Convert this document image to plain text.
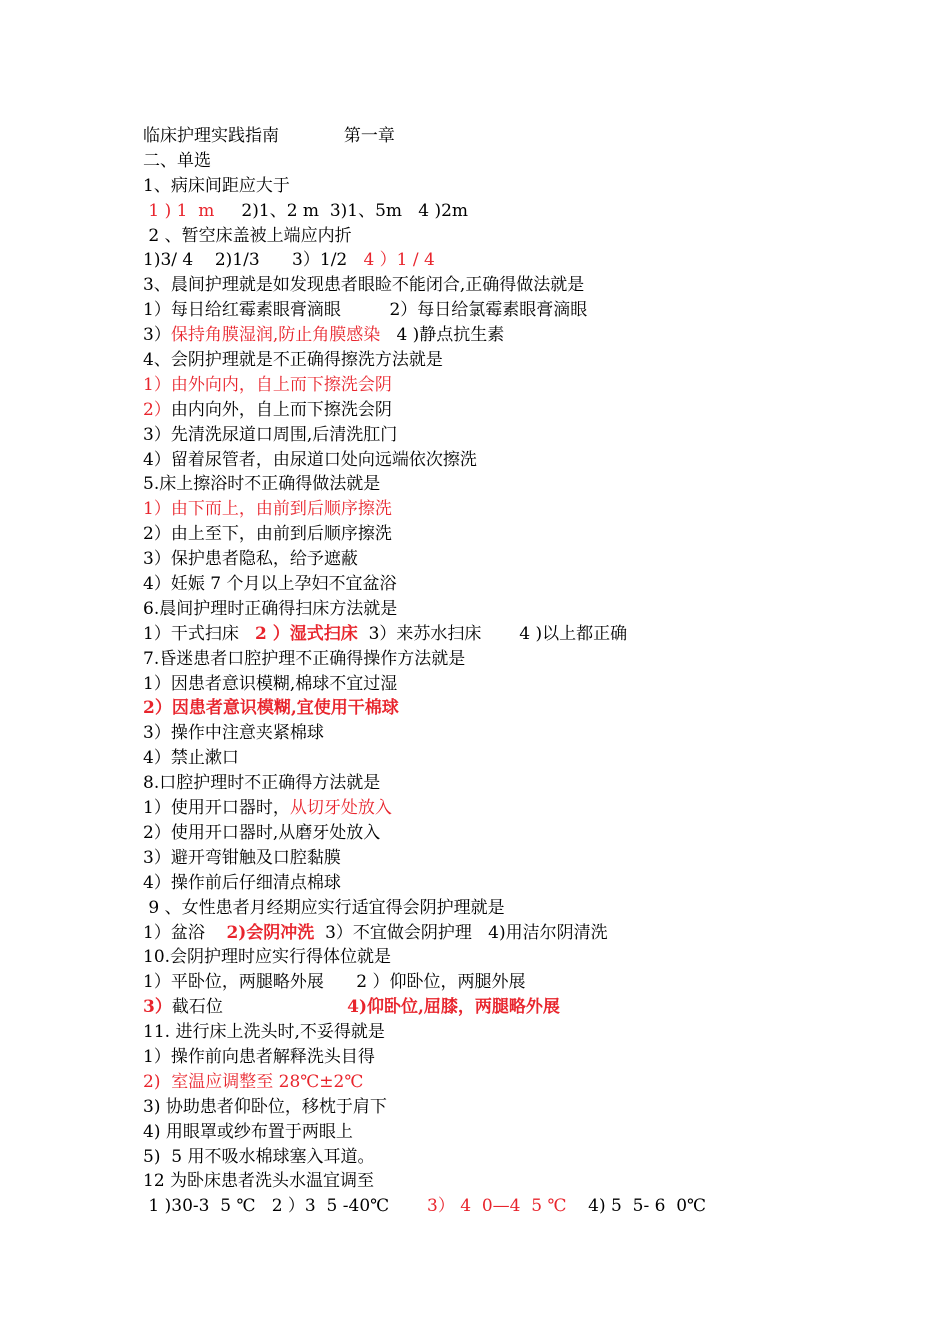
临床护理实践指南            第一章
二、单选
1、病床间距应大于
1 ) 1  m     2)1、2 m  3)1、5m   4 )2m
2 、暂空床盖被上端应内折
1)3/ 4    2)1/3      3）1/2   4 ）1 / 4
3、晨间护理就是如发现患者眼睑不能闭合,正确得做法就是
1）每日给红霉素眼膏滴眼         2）每日给氯霉素眼膏滴眼
3）保持角膜湿润,防止角膜感染   4 )静点抗生素
4、会阴护理就是不正确得擦洗方法就是
1）由外向内，自上而下擦洗会阴
2）由内向外，自上而下擦洗会阴
3）先清洗尿道口周围,后清洗肛门
4）留着尿管者，由尿道口处向远端依次擦洗
5.床上擦浴时不正确得做法就是
1）由下而上，由前到后顺序擦洗
2）由上至下，由前到后顺序擦洗
3）保护患者隐私，给予遮蔽
4）妊娠 7 个月以上孕妇不宜盆浴
6.晨间护理时正确得扫床方法就是
1）干式扫床   2 ）湿式扫床  3）来苏水扫床       4 )以上都正确
7.昏迷患者口腔护理不正确得操作方法就是
1）因患者意识模糊,棉球不宜过湿
2）因患者意识模糊,宜使用干棉球
3）操作中注意夹紧棉球
4）禁止漱口
8.口腔护理时不正确得方法就是
1）使用开口器时，从切牙处放入
2）使用开口器时,从磨牙处放入
3）避开弯钳触及口腔黏膜
4）操作前后仔细清点棉球
9 、女性患者月经期应实行适宜得会阴护理就是
1）盆浴    2)会阴冲洗  3）不宜做会阴护理   4)用洁尔阴清洗
10.会阴护理时应实行得体位就是
1）平卧位，两腿略外展      2 ）仰卧位，两腿外展
3）截石位                       4)仰卧位,屈膝，两腿略外展
11. 进行床上洗头时,不妥得就是
1）操作前向患者解释洗头目得
2)  室温应调整至 28℃±2℃
3) 协助患者仰卧位，移枕于肩下
4) 用眼罩或纱布置于两眼上
5)  5 用不吸水棉球塞入耳道。
12 为卧床患者洗头水温宜调至
1 )30-3  5 ℃   2 ）3  5 -40℃       3） 4  0—4  5 ℃    4) 5  5- 6  0℃
